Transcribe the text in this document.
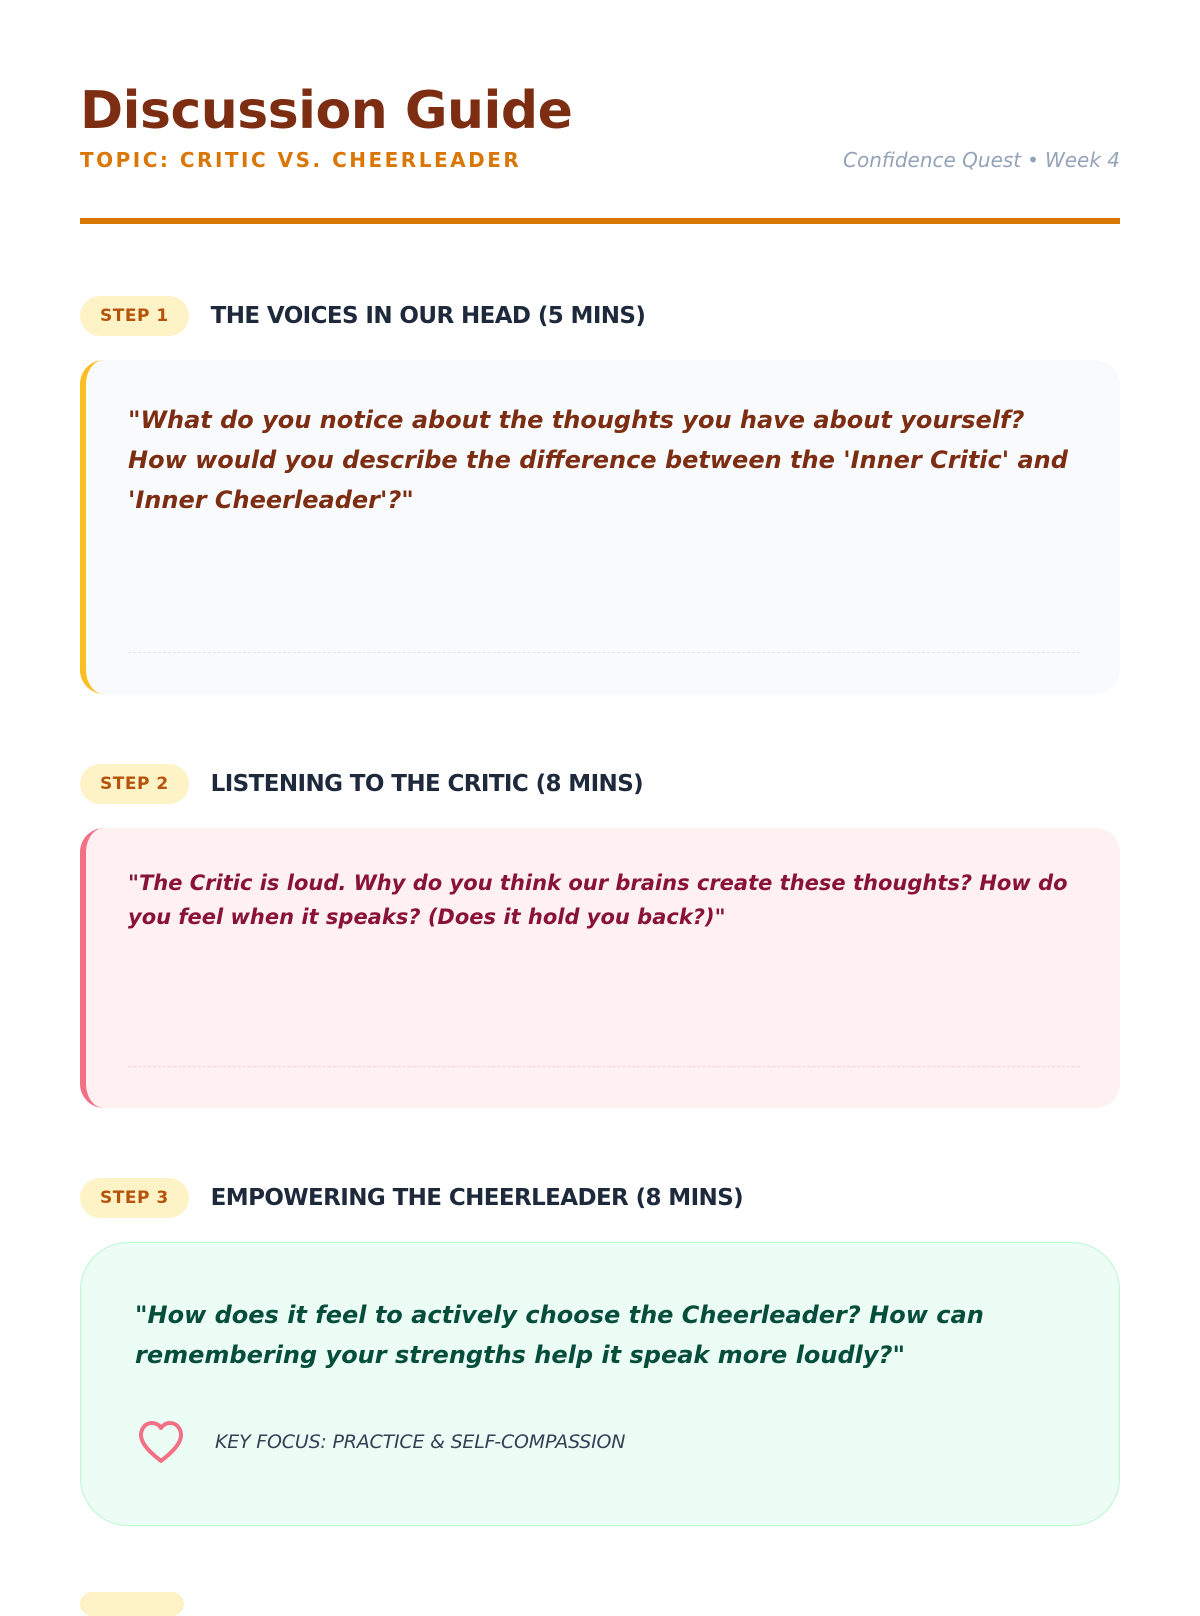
Discussion Guide
TOPIC: CRITIC VS. CHEERLEADER	Confidence Quest • Week 4
STEP 1	THE VOICES IN OUR HEAD (5 MINS)

"What do you notice about the thoughts you have about yourself? How would you describe the difference between the 'Inner Critic' and 'Inner Cheerleader'?"

STEP 2	LISTENING TO THE CRITIC (8 MINS)

"The Critic is loud. Why do you think our brains create these thoughts? How do you feel when it speaks? (Does it hold you back?)"

STEP 3	EMPOWERING THE CHEERLEADER (8 MINS)

"How does it feel to actively choose the Cheerleader? How can remembering your strengths help it speak more loudly?"

KEY FOCUS: PRACTICE & SELF-COMPASSION
